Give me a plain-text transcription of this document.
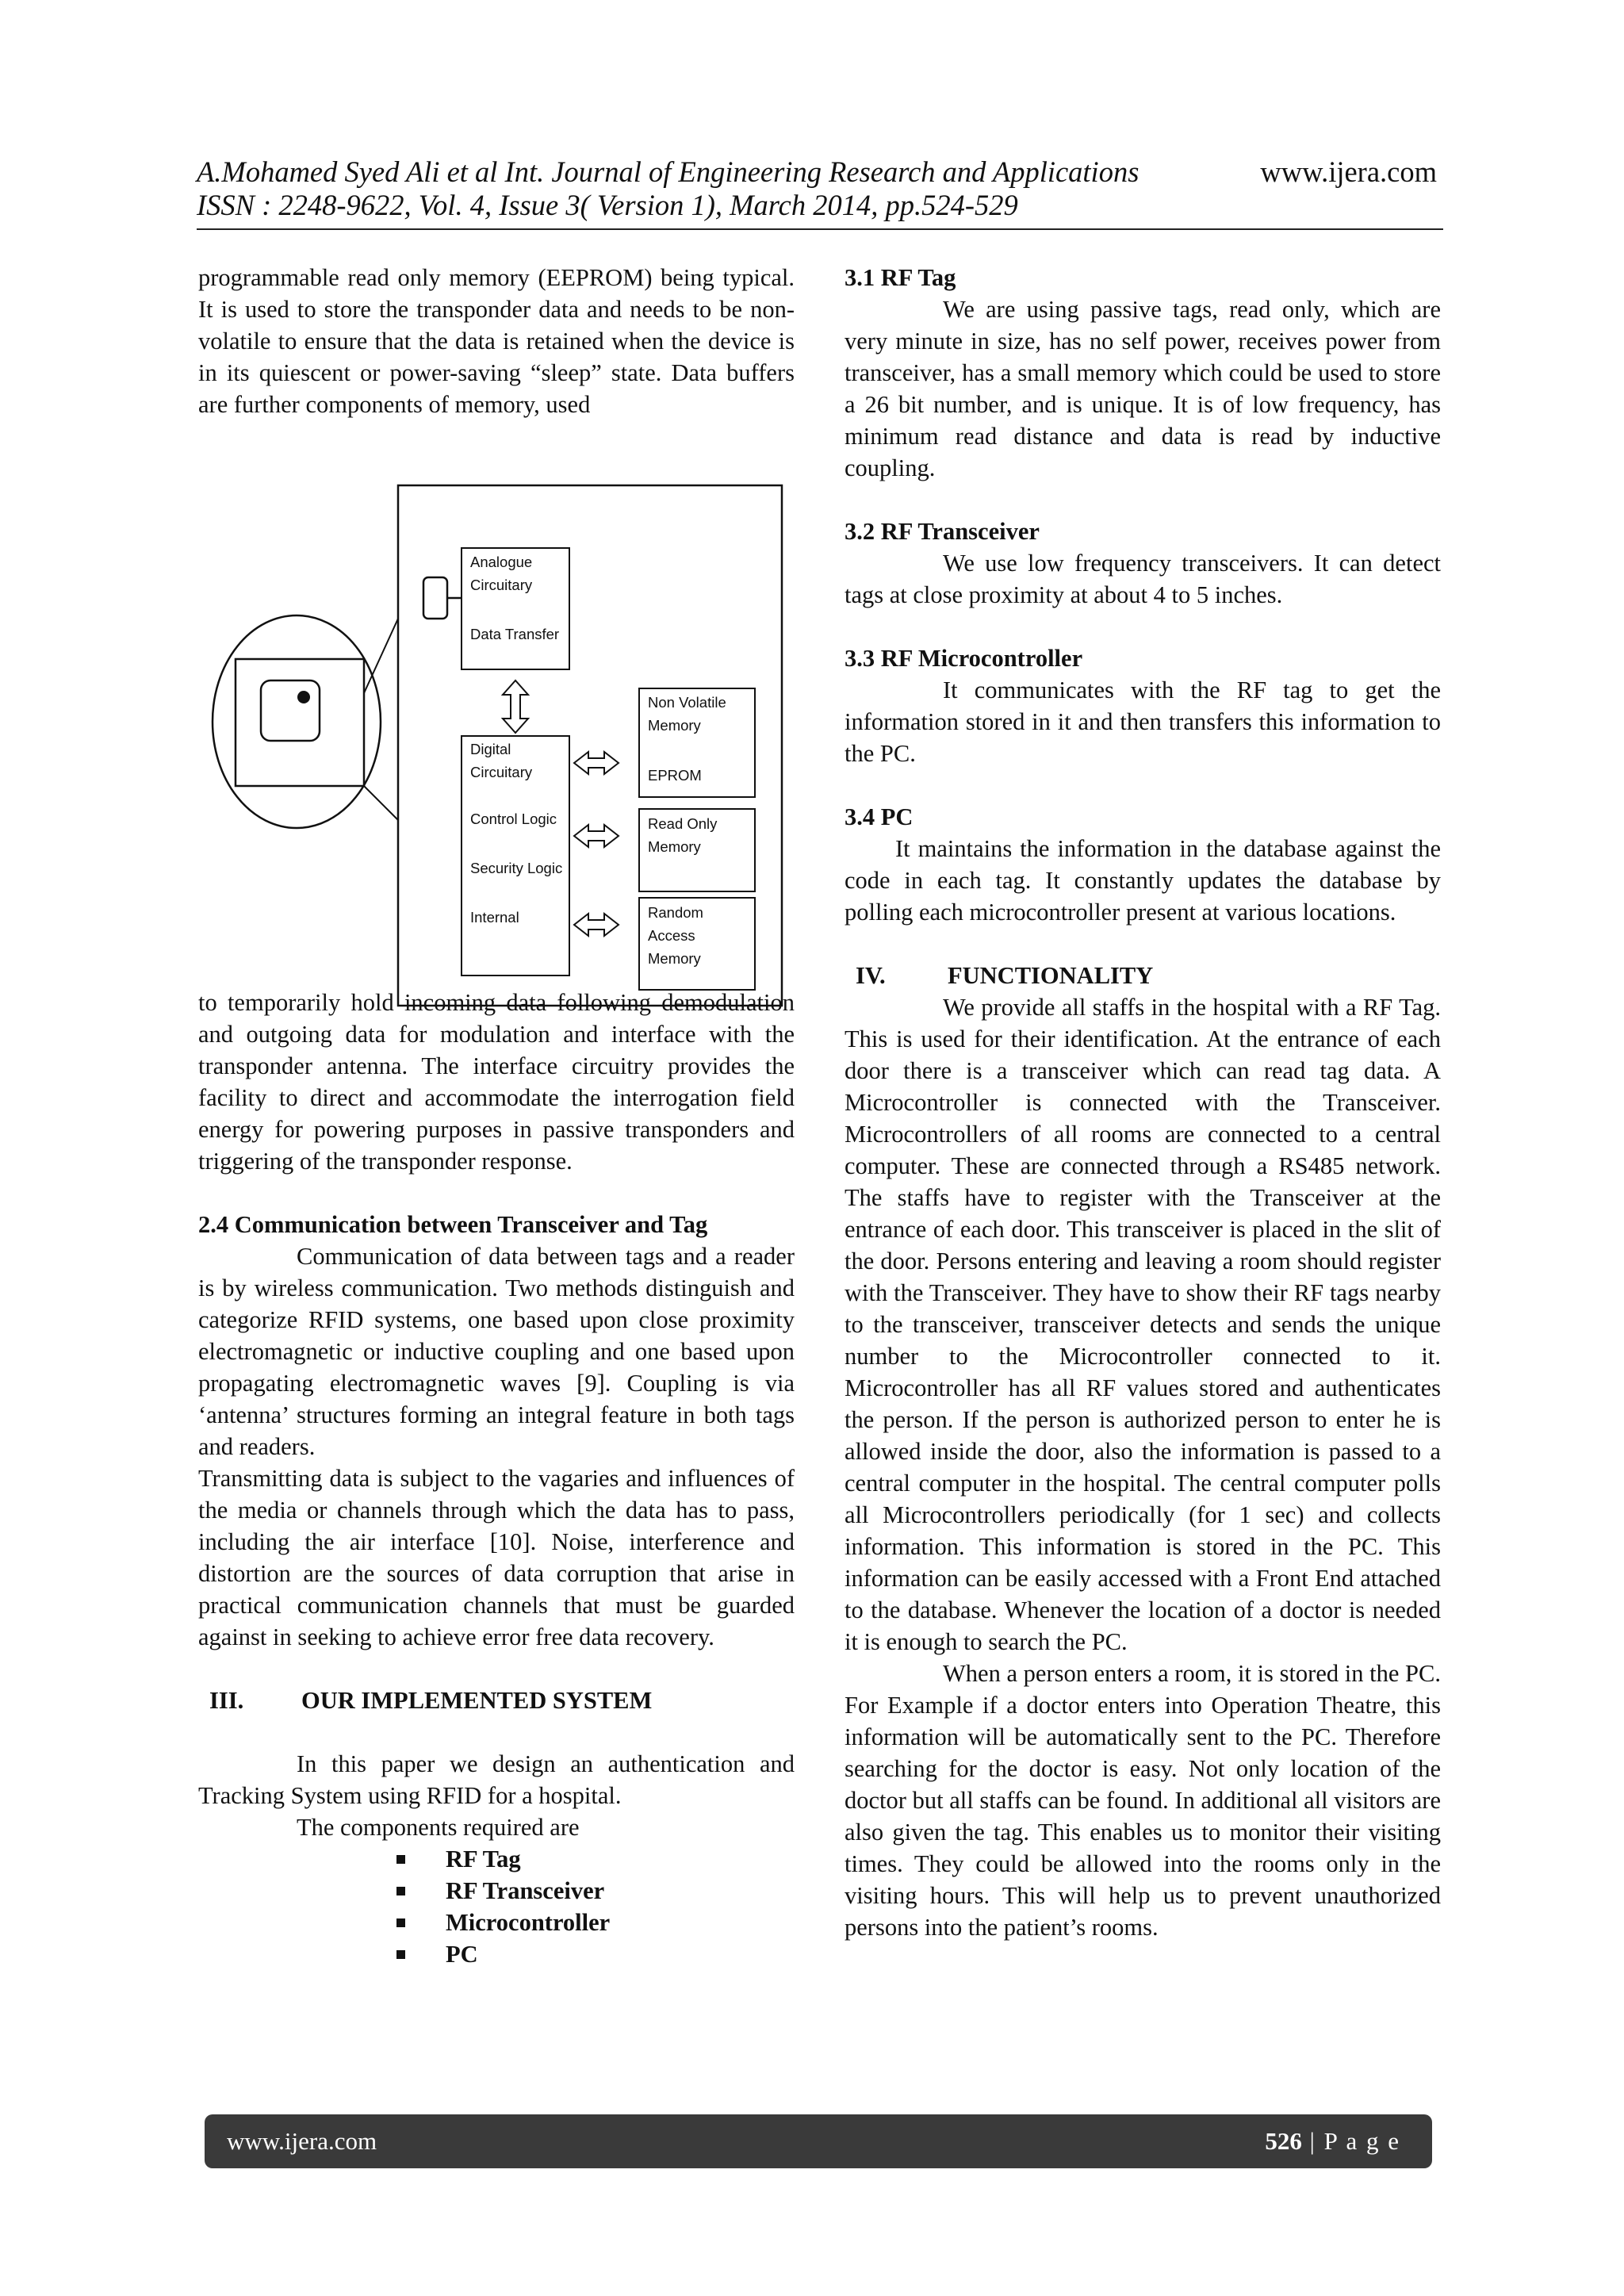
A.Mohamed Syed Ali et al Int. Journal of Engineering Research and Applications
ISSN : 2248-9622, Vol. 4, Issue 3( Version 1), March 2014, pp.524-529
www.ijera.com

programmable read only memory (EEPROM) being typical. It is used to store the transponder data and needs to be non-volatile to ensure that the data is retained when the device is in its quiescent or power-saving “sleep” state. Data buffers are further components of memory, used

to temporarily hold incoming data following demodulation and outgoing data for modulation and interface with the transponder antenna. The interface circuitry provides the facility to direct and accommodate the interrogation field energy for powering purposes in passive transponders and triggering of the transponder response.

2.4 Communication between Transceiver and Tag

Communication of data between tags and a reader is by wireless communication. Two methods distinguish and categorize RFID systems, one based upon close proximity electromagnetic or inductive coupling and one based upon propagating electromagnetic waves [9]. Coupling is via ‘antenna’ structures forming an integral feature in both tags and readers.

Transmitting data is subject to the vagaries and influences of the media or channels through which the data has to pass, including the air interface [10]. Noise, interference and distortion are the sources of data corruption that arise in practical communication channels that must be guarded against in seeking to achieve error free data recovery.

III. OUR IMPLEMENTED SYSTEM

In this paper we design an authentication and Tracking System using RFID for a hospital.

The components required are

RF Tag
RF Transceiver
Microcontroller
PC
Analogue
Circuitary
Data Transfer
Digital
Circuitary
Control Logic
Security Logic
Internal
Non Volatile
Memory
EPROM
Read Only
Memory
Random
Access
Memory
3.1 RF Tag

We are using passive tags, read only, which are very minute in size, has no self power, receives power from transceiver, has a small memory which could be used to store a 26 bit number, and is unique. It is of low frequency, has minimum read distance and data is read by inductive coupling.

3.2 RF Transceiver

We use low frequency transceivers. It can detect tags at close proximity at about 4 to 5 inches.

3.3 RF Microcontroller

It communicates with the RF tag to get the information stored in it and then transfers this information to the PC.

3.4 PC

It maintains the information in the database against the code in each tag. It constantly updates the database by polling each microcontroller present at various locations.

IV.	FUNCTIONALITY

We provide all staffs in the hospital with a RF Tag. This is used for their identification. At the entrance of each door there is a transceiver which can read tag data. A Microcontroller is connected with the Transceiver. Microcontrollers of all rooms are connected to a central computer. These are connected through a RS485 network. The staffs have to register with the Transceiver at the entrance of each door. This transceiver is placed in the slit of the door. Persons entering and leaving a room should register with the Transceiver. They have to show their RF tags nearby to the transceiver, transceiver detects and sends the unique number to the Microcontroller connected to it. Microcontroller has all RF values stored and authenticates the person. If the person is authorized person to enter he is allowed inside the door, also the information is passed to a central computer in the hospital. The central computer polls all Microcontrollers periodically (for 1 sec) and collects information. This information is stored in the PC. This information can be easily accessed with a Front End attached to the database. Whenever the location of a doctor is needed it is enough to search the PC.

When a person enters a room, it is stored in the PC. For Example if a doctor enters into Operation Theatre, this information will be automatically sent to the PC. Therefore searching for the doctor is easy. Not only location of the doctor but all staffs can be found. In additional all visitors are also given the tag. This enables us to monitor their visiting times. They could be allowed into the rooms only in the visiting hours. This will help us to prevent unauthorized persons into the patient’s rooms.

www.ijera.com	526 | P a g e
